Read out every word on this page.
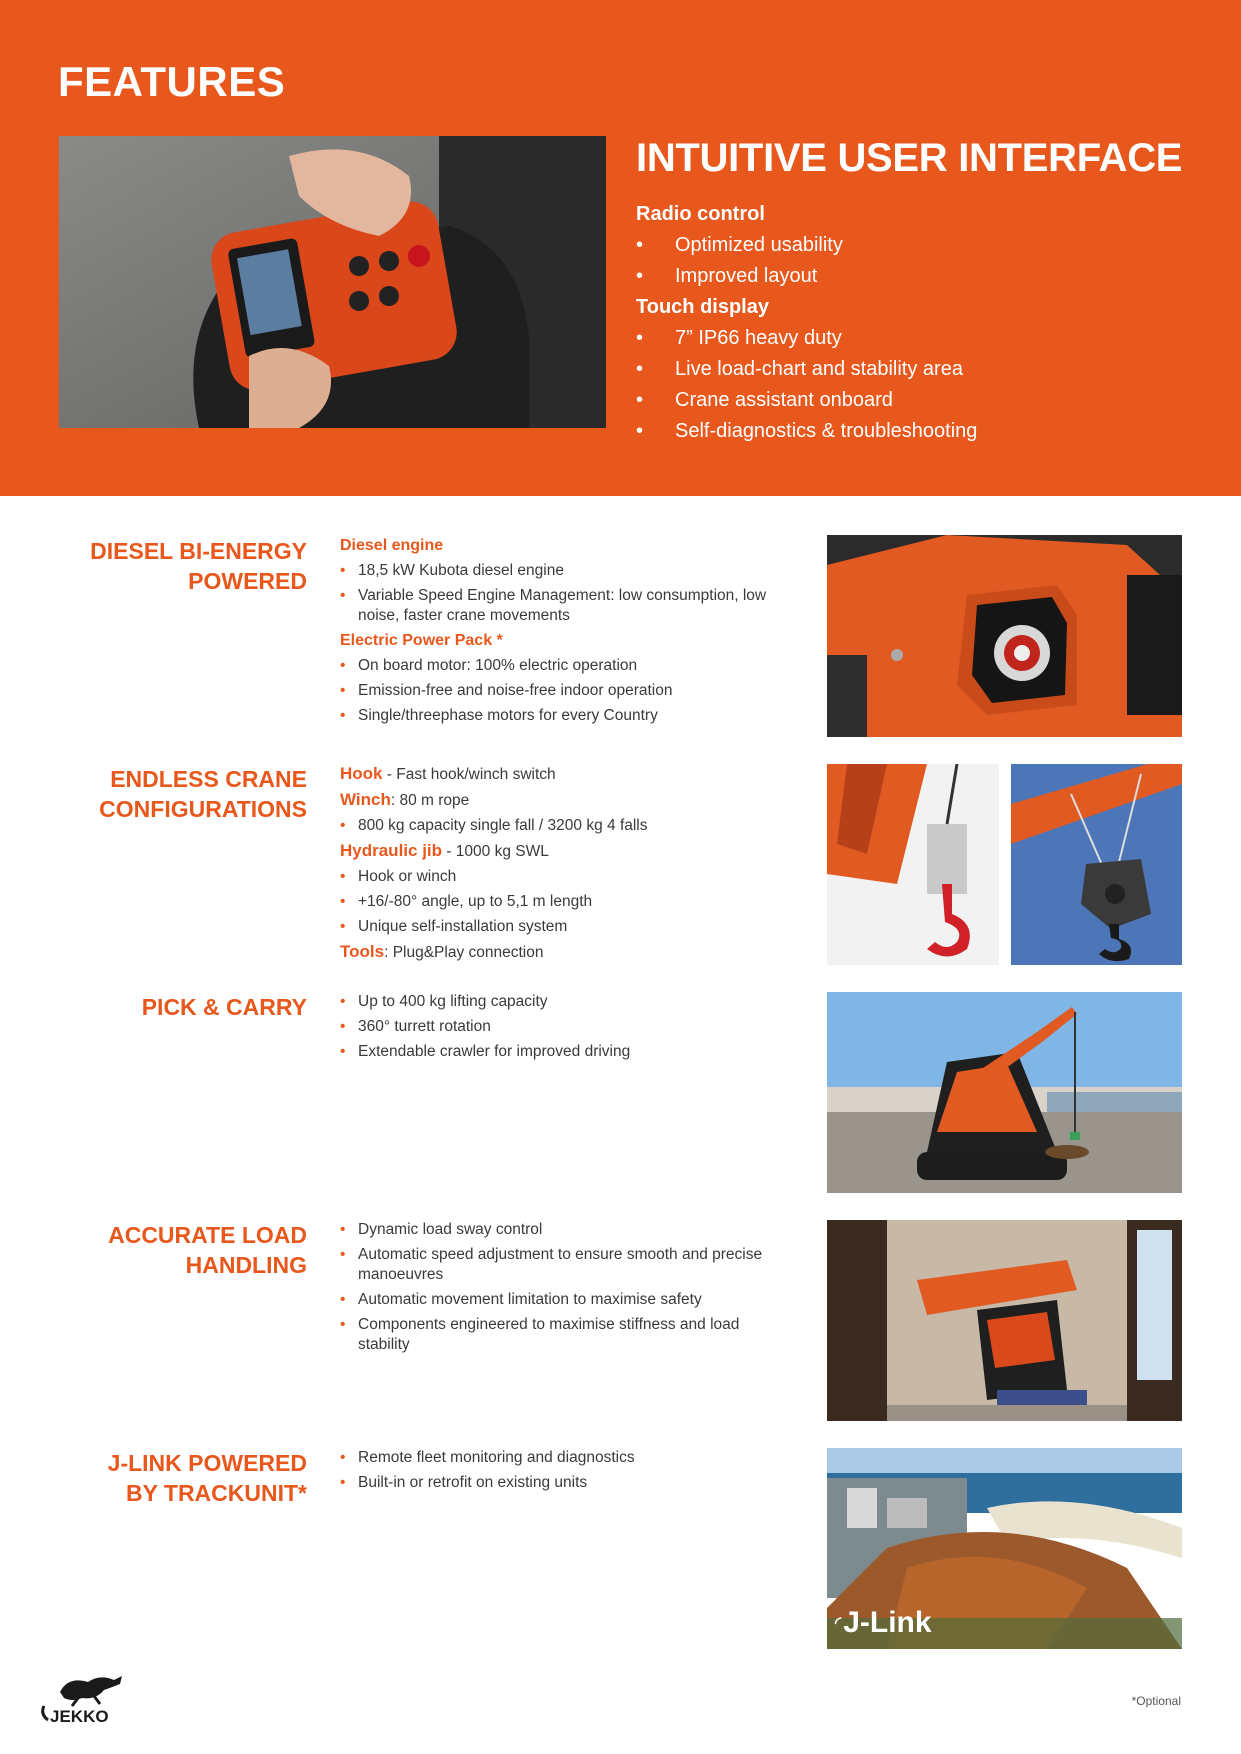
FEATURES
INTUITIVE USER INTERFACE

Radio control

• Optimized usability
• Improved layout

Touch display

• 7” IP66 heavy duty
• Live load-chart and stability area
• Crane assistant onboard
• Self-diagnostics & troubleshooting
DIESEL BI-ENERGY
POWERED
Diesel engine
• 18,5 kW Kubota diesel engine
• Variable Speed Engine Management: low consumption, low noise, faster crane movements
Electric Power Pack *
• On board motor: 100% electric operation
• Emission-free and noise-free indoor operation
• Single/threephase motors for every Country
ENDLESS CRANE
CONFIGURATIONS
Hook - Fast hook/winch switch
Winch: 80 m rope
• 800 kg capacity single fall / 3200 kg 4 falls
Hydraulic jib - 1000 kg SWL
• Hook or winch
• +16/-80° angle, up to 5,1 m length
• Unique self-installation system
Tools: Plug&Play connection
PICK & CARRY
•	Up to 400 kg lifting capacity
• 360° turrett rotation
• Extendable crawler for improved driving
ACCURATE LOAD
HANDLING
• Dynamic load sway control
• Automatic speed adjustment to ensure smooth and precise manoeuvres
• Automatic movement limitation to maximise safety
• Components engineered to maximise stiffness and load stability
J-LINK POWERED
BY TRACKUNIT*
• Remote fleet monitoring and diagnostics
• Built-in or retrofit on existing units
◜ J-Link
JEKKO
*Optional
